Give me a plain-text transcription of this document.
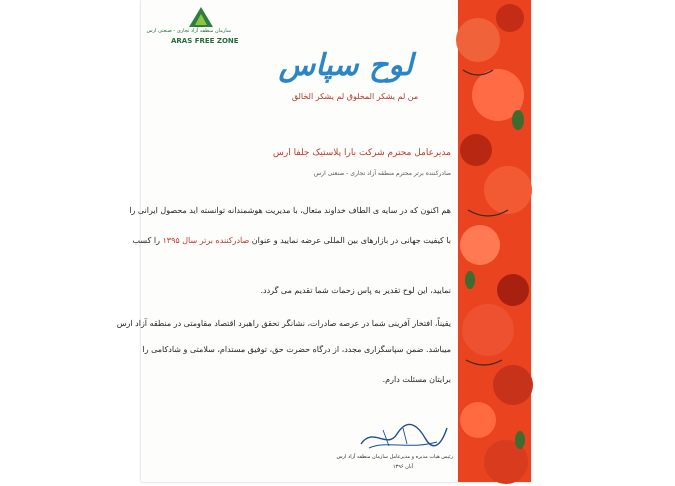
سازمان منطقه آزاد تجاری - صنعتی ارس
ARAS FREE ZONE
لوح سپاس
من لم یشکر المخلوق لم یشکر الخالق
مدیرعامل محترم شرکت بارا پلاستیک جلفا ارس
صادرکننده برتر محترم منطقه آزاد تجاری - صنعتی ارس
هم اکنون که در سایه ی الطاف خداوند متعال، با مدیریت هوشمندانه توانسته اید محصول ایرانی را
با کیفیت جهانی در بازارهای بین المللی عرضه نمایید و عنوان صادرکننده برتر سال ۱۳۹۵ را کسب
نمایید، این لوح تقدیر به پاس زحمات شما تقدیم می گردد.
یقیناً، افتخار آفرینی شما در عرصه صادرات، نشانگر تحقق راهبرد اقتصاد مقاومتی در منطقه آزاد ارس
میباشد. ضمن سپاسگزاری مجدد، از درگاه حضرت حق، توفیق مستدام، سلامتی و شادکامی را
برایتان مسئلت دارم.
رئیس هیات مدیره و مدیرعامل سازمان منطقه آزاد ارس
آبان ۱۳۹۶
